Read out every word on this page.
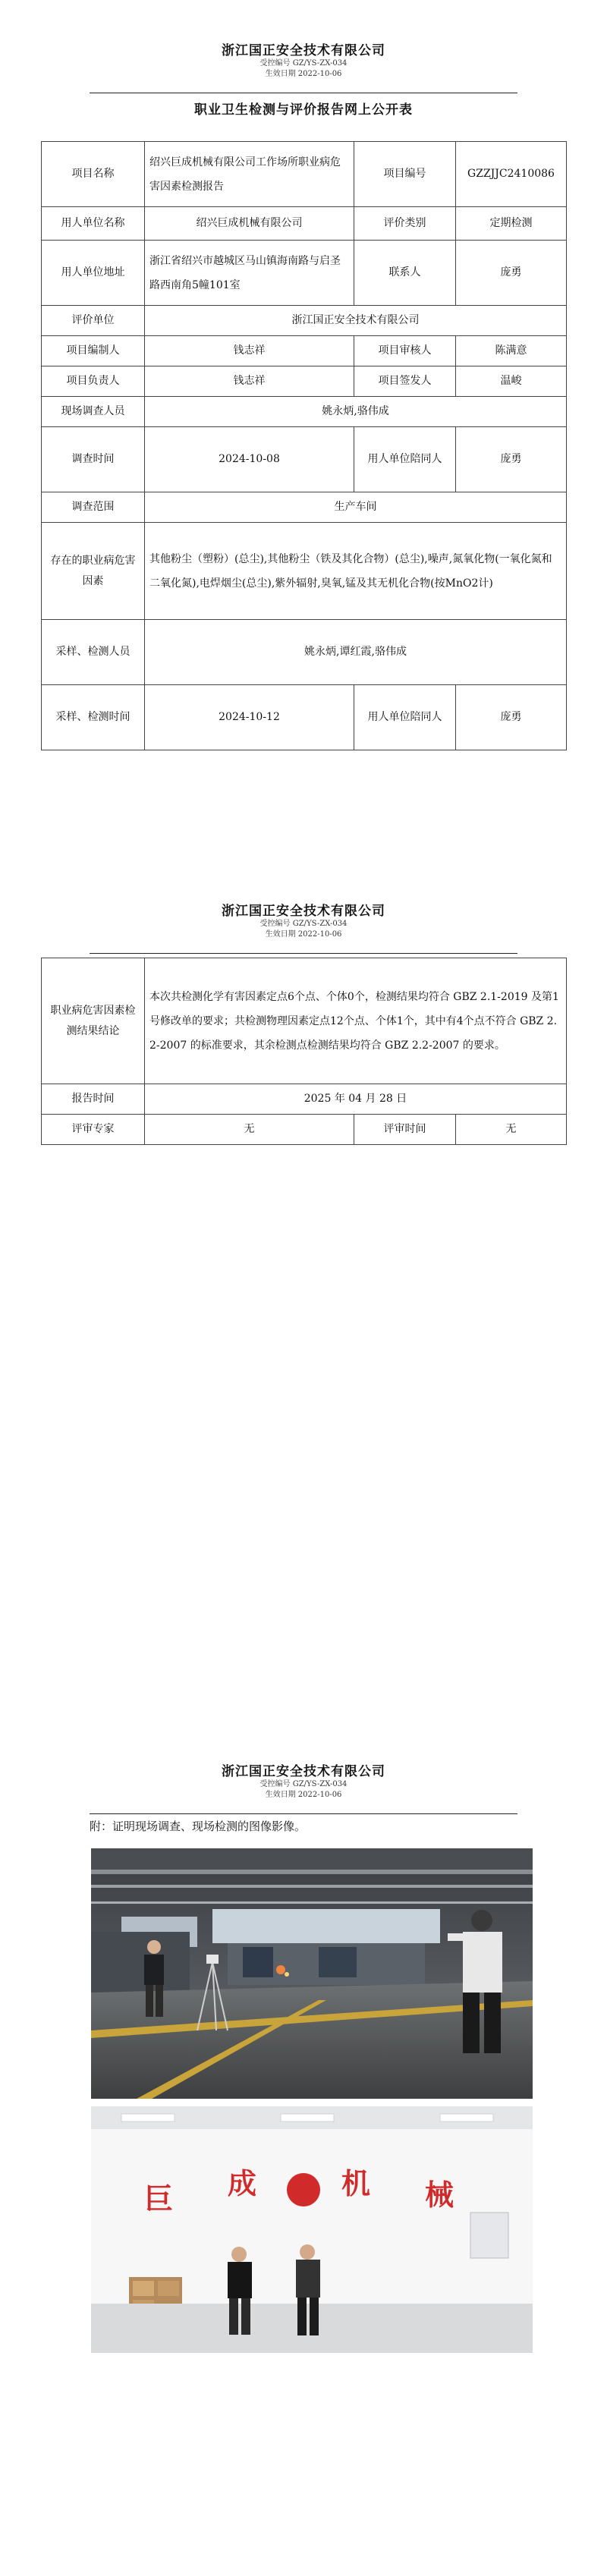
浙江国正安全技术有限公司
受控编号 GZ/YS-ZX-034
生效日期 2022-10-06
职业卫生检测与评价报告网上公开表
项目名称	绍兴巨成机械有限公司工作场所职业病危害因素检测报告	项目编号	GZZJJC2410086
用人单位名称	绍兴巨成机械有限公司	评价类别	定期检测
用人单位地址	浙江省绍兴市越城区马山镇海南路与启圣路西南角5幢101室	联系人	庞勇
评价单位	浙江国正安全技术有限公司		
项目编制人	钱志祥	项目审核人	陈满意
项目负责人	钱志祥	项目签发人	温峻
现场调查人员	姚永炳,骆伟成		
调查时间	2024-10-08	用人单位陪同人	庞勇
调查范围	生产车间		
存在的职业病危害因素	其他粉尘（塑粉）(总尘),其他粉尘（铁及其化合物）(总尘),噪声,氮氧化物(一氧化氮和二氧化氮),电焊烟尘(总尘),紫外辐射,臭氧,锰及其无机化合物(按MnO2计)		
采样、检测人员	姚永炳,谭红霞,骆伟成		
采样、检测时间	2024-10-12	用人单位陪同人	庞勇
浙江国正安全技术有限公司
受控编号 GZ/YS-ZX-034
生效日期 2022-10-06
职业病危害因素检测结果结论	本次共检测化学有害因素定点6个点、个体0个，检测结果均符合 GBZ 2.1-2019 及第1号修改单的要求；共检测物理因素定点12个点、个体1个，其中有4个点不符合 GBZ 2.2-2007 的标准要求，其余检测点检测结果均符合 GBZ 2.2-2007 的要求。		
报告时间	2025 年 04 月 28 日		
评审专家	无	评审时间	无
浙江国正安全技术有限公司
受控编号 GZ/YS-ZX-034
生效日期 2022-10-06
附：证明现场调查、现场检测的图像影像。
巨 成	机 械
